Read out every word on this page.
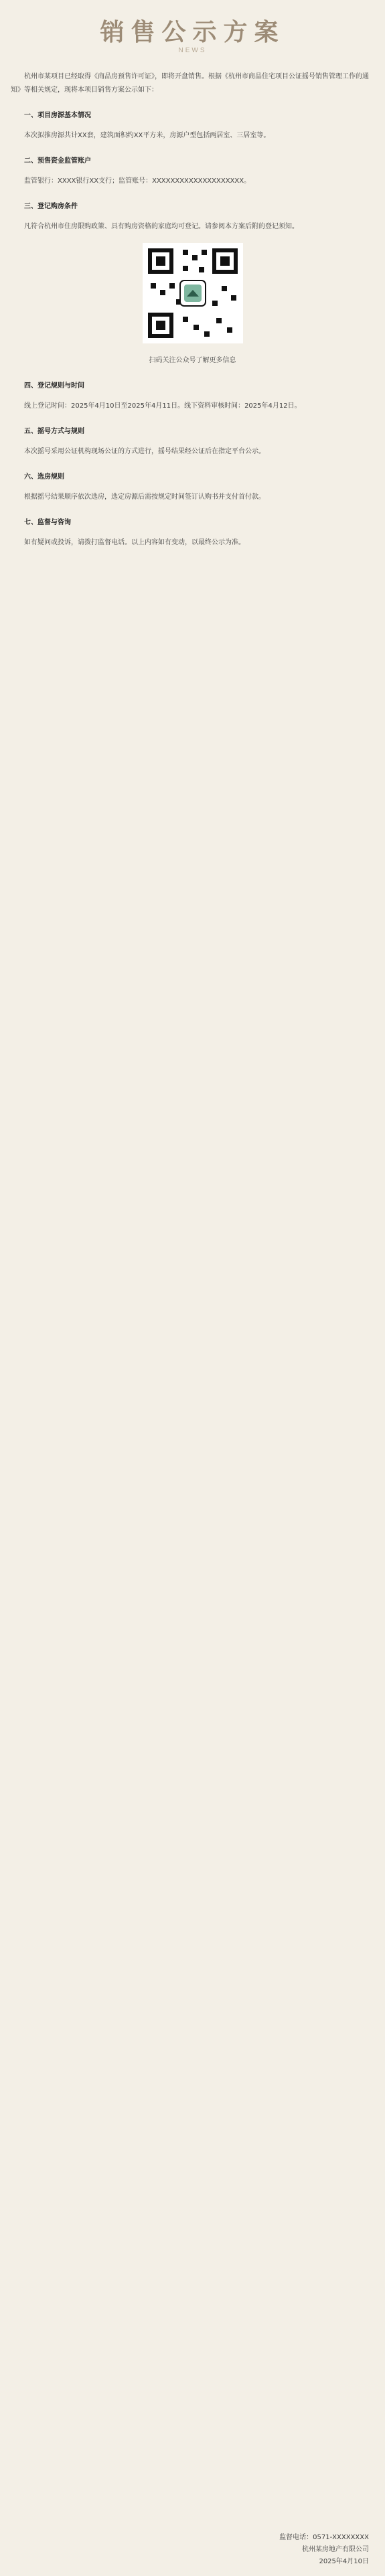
销售公示方案
NEWS

杭州市某项目已经取得《商品房预售许可证》，即将开盘销售。根据《杭州市商品住宅项目公证摇号销售管理工作的通知》等相关规定，现将本项目销售方案公示如下：

一、项目房源基本情况

本次拟推房源共计XX套，建筑面积约XX平方米，房源户型包括两居室、三居室等。

二、预售资金监管账户

监管银行：XXXX银行XX支行；监管账号：XXXXXXXXXXXXXXXXXXXX。

三、登记购房条件

凡符合杭州市住房限购政策、具有购房资格的家庭均可登记。请参阅本方案后附的登记须知。

扫码关注公众号了解更多信息

四、登记规则与时间

线上登记时间：2025年4月10日至2025年4月11日。线下资料审核时间：2025年4月12日。

五、摇号方式与规则

本次摇号采用公证机构现场公证的方式进行，摇号结果经公证后在指定平台公示。

六、选房规则

根据摇号结果顺序依次选房，选定房源后需按规定时间签订认购书并支付首付款。

七、监督与咨询

如有疑问或投诉，请拨打监督电话。以上内容如有变动，以最终公示为准。

监督电话：0571-XXXXXXXX

杭州某房地产有限公司

2025年4月10日
